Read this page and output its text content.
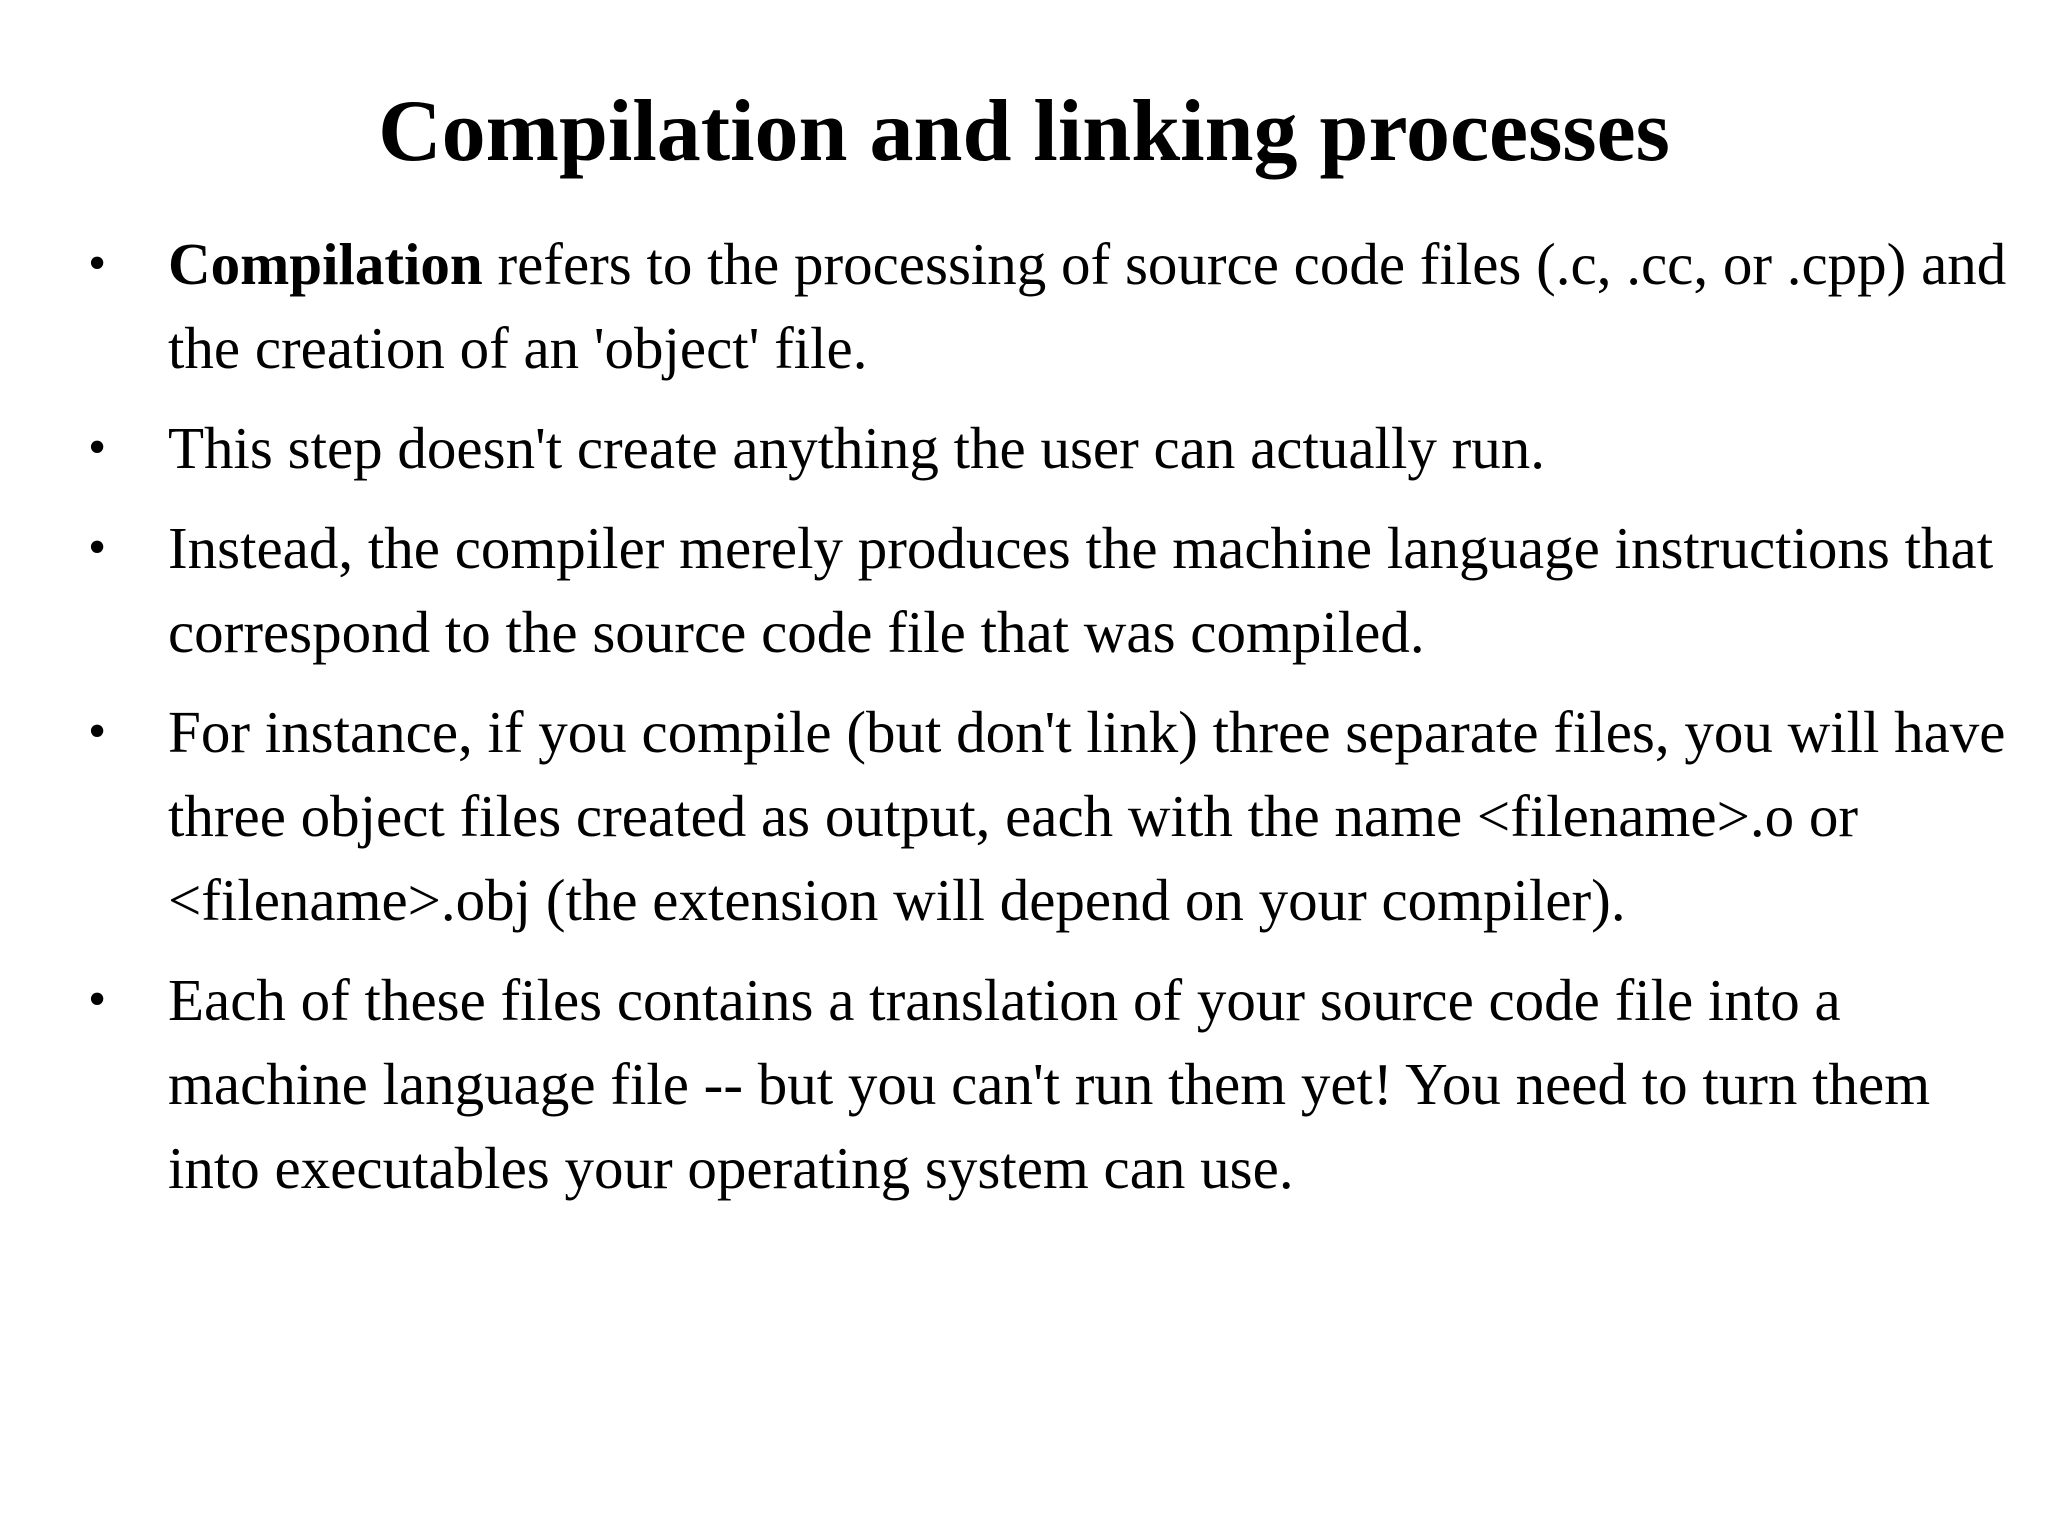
Compilation and linking processes
• Compilation refers to the processing of source code files (.c, .cc, or .cpp) and the creation of an 'object' file.
• This step doesn't create anything the user can actually run.
• Instead, the compiler merely produces the machine language instructions that correspond to the source code file that was compiled.
• For instance, if you compile (but don't link) three separate files, you will have three object files created as output, each with the name <filename>.o or <filename>.obj (the extension will depend on your compiler).
• Each of these files contains a translation of your source code file into a machine language file -- but you can't run them yet! You need to turn them into executables your operating system can use.
